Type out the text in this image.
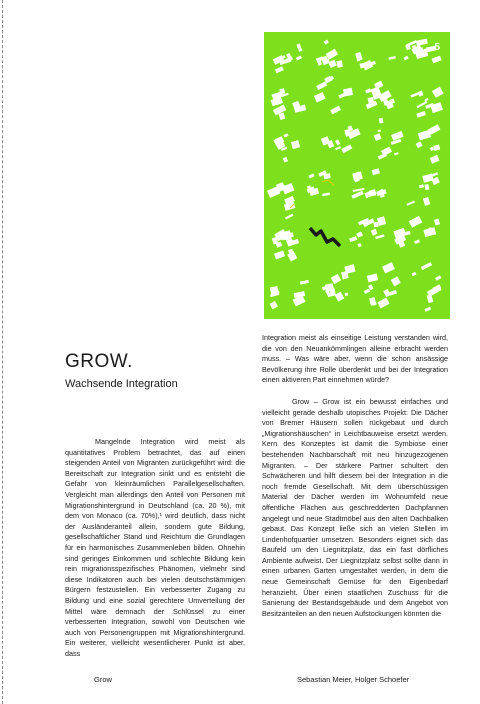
5
GROW.
Wachsende Integration

Mangelnde Integration wird meist als quantitatives Problem betrachtet, das auf einen steigenden Anteil von Migranten zurückgeführt wird: die Bereitschaft zur Integration sinkt und es entsteht die Gefahr von kleinräumlichen Parallelgesellschaften. Vergleicht man allerdings den Anteil von Personen mit Migrationshintergrund in Deutschland (ca. 20 %), mit dem von Monaco (ca. 70%),¹ wird deutlich, dass nicht der Ausländeranteil allein, sondern gute Bildung, gesellschaftlicher Stand und Reichtum die Grundlagen für ein harmonisches Zusammenleben bilden. Ohnehin sind geringes Einkommen und schlechte Bildung kein rein migrationsspezifisches Phänomen, vielmehr sind diese Indikatoren auch bei vielen deutschstämmigen Bürgern festzustellen. Ein verbesserter Zugang zu Bildung und eine sozial gerechtere Umverteilung der Mittel wäre demnach der Schlüssel zu einer verbesserten Integration, sowohl von Deutschen wie auch von Personengruppen mit Migrationshintergrund. Ein weiterer, vielleicht wesentlicherer Punkt ist aber, dass

Integration meist als einseitige Leistung verstanden wird, die von den Neuankömmlingen alleine erbracht werden muss. – Was wäre aber, wenn die schon ansässige Bevölkerung ihre Rolle überdenkt und bei der Integration einen aktiveren Part einnehmen würde?

Grow – Grow ist ein bewusst einfaches und vielleicht gerade deshalb utopisches Projekt: Die Dächer von Bremer Häusern sollen rückgebaut und durch „Migrationshäuschen“ in Leichtbauweise ersetzt werden. Kern des Konzeptes ist damit die Symbiose einer bestehenden Nachbarschaft mit neu hinzugezogenen Migranten. – Der stärkere Partner schultert den Schwächeren und hilft diesem bei der Integration in die noch fremde Gesellschaft. Mit dem überschüssigen Material der Dächer werden im Wohnumfeld neue öffentliche Flächen aus geschredderten Dachpfannen angelegt und neue Stadtmöbel aus den alten Dachbalken gebaut. Das Konzept ließe sich an vielen Stellen im Lindenhofquartier umsetzen. Besonders eignet sich das Baufeld um den Liegnitzplatz, das ein fast dörfliches Ambiente aufweist. Der Liegnitzplatz selbst sollte dann in einen urbanen Garten umgestaltet werden, in dem die neue Gemeinschaft Gemüse für den Eigenbedarf heranzieht. Über einen staatlichen Zuschuss für die Sanierung der Bestandsgebäude und dem Angebot von Besitzanteilen an den neuen Aufstockungen könnten die

Grow	Sebastian Meier, Holger Schoefer
